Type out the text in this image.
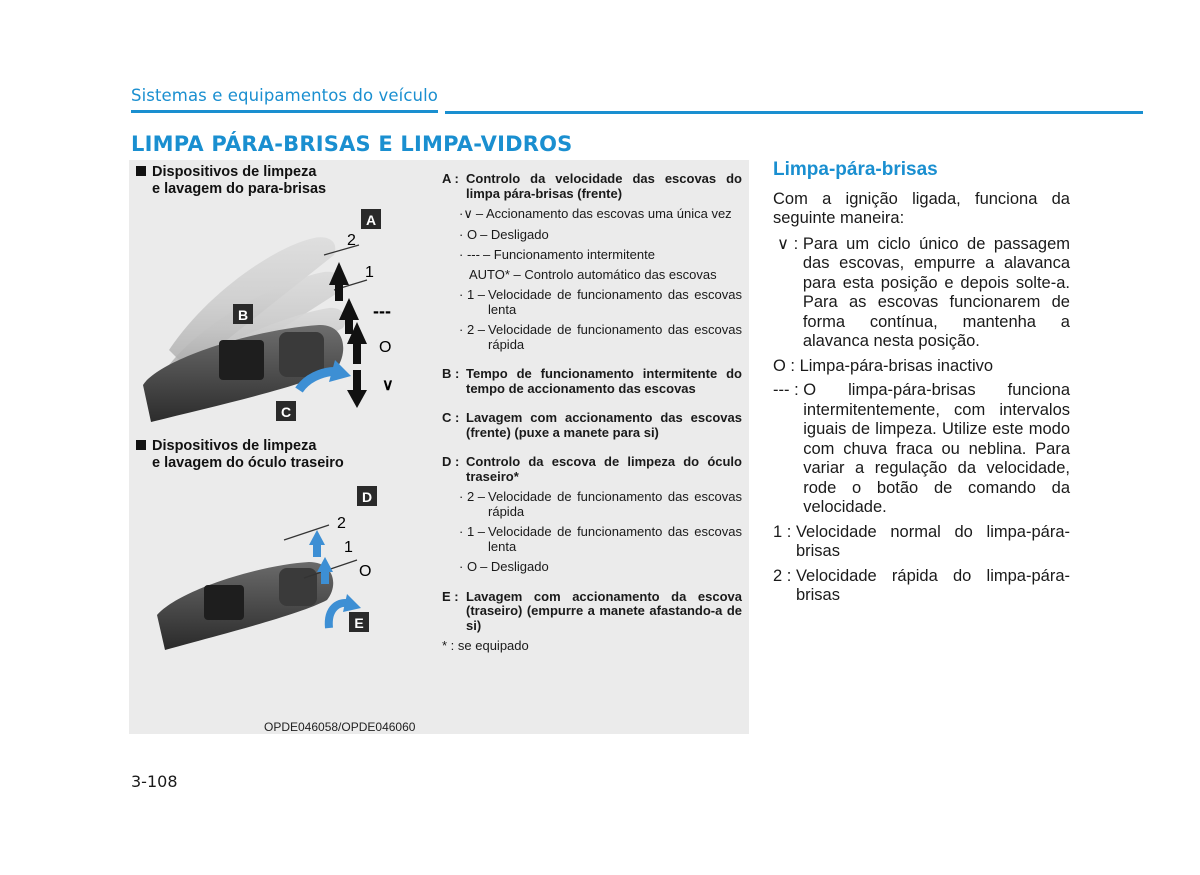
Sistemas e equipamentos do veículo
LIMPA PÁRA-BRISAS E LIMPA-VIDROS
Dispositivos de limpeza
e lavagem do para-brisas
A
B
C
2
1
---
O
∨
Dispositivos de limpeza
e lavagem do óculo traseiro
D
E
2
1
O
OPDE046058/OPDE046060
A : Controlo da velocidade das escovas do limpa pára-brisas (frente)
·∨ – Accionamento das escovas uma única vez
· O – Desligado
· --- – Funcionamento intermitente
AUTO* – Controlo automático das escovas
· 1 – Velocidade de funcionamento das escovas lenta
· 2 – Velocidade de funcionamento das escovas rápida
B : Tempo de funcionamento intermitente do tempo de accionamento das escovas
C : Lavagem com accionamento das escovas (frente) (puxe a manete para si)
D : Controlo da escova de limpeza do óculo traseiro*
· 2 – Velocidade de funcionamento das escovas rápida
· 1 – Velocidade de funcionamento das escovas lenta
· O – Desligado
E : Lavagem com accionamento da escova (traseiro) (empurre a manete afastando-a de si)
* : se equipado
Limpa-pára-brisas

Com a ignição ligada, funciona da seguinte maneira:

∨ : Para um ciclo único de passagem das escovas, empurre a alavanca para esta posição e depois solte-a. Para as escovas funcionarem de forma contínua, mantenha a alavanca nesta posição.
O : Limpa-pára-brisas inactivo
--- : O limpa-pára-brisas funciona intermitentemente, com intervalos iguais de limpeza. Utilize este modo com chuva fraca ou neblina. Para variar a regulação da velocidade, rode o botão de comando da velocidade.
1 : Velocidade normal do limpa-pára-brisas
2 : Velocidade rápida do limpa-pára-brisas
3-108
